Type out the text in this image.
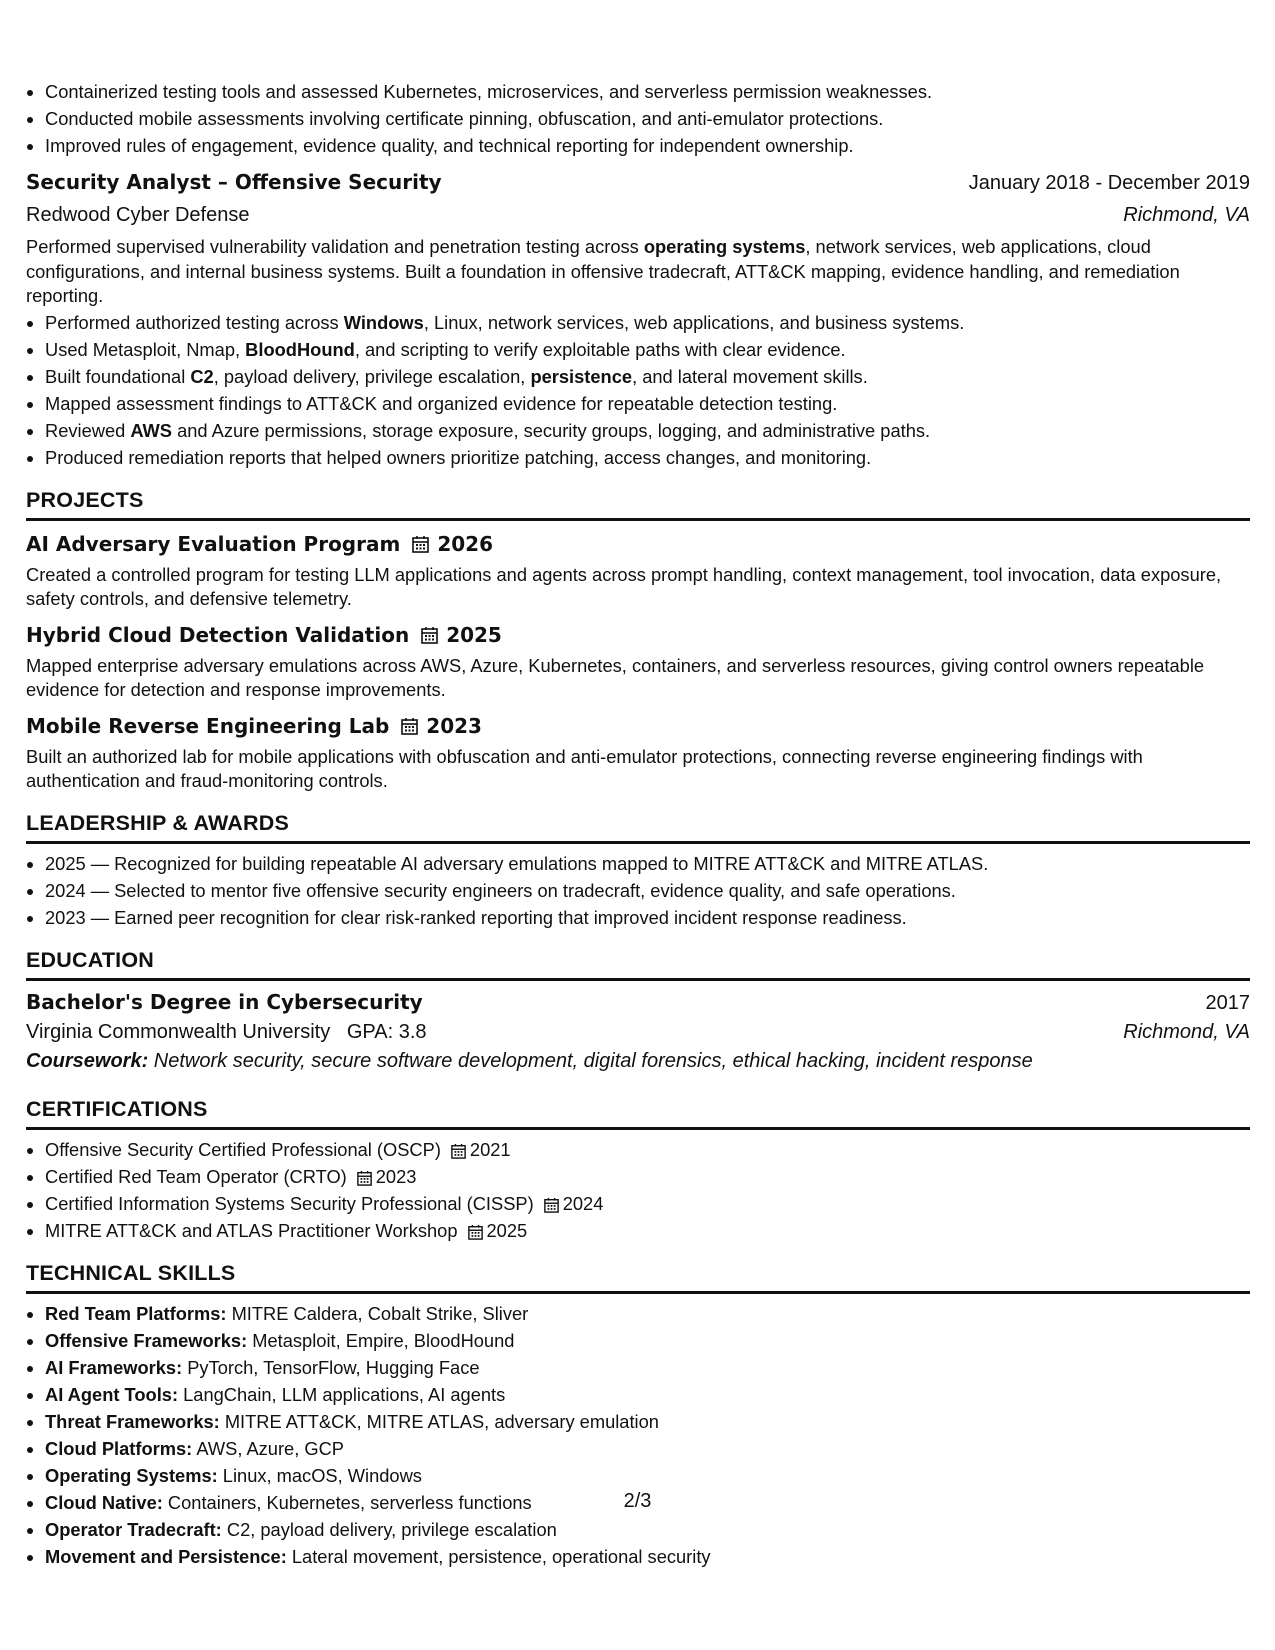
• Containerized testing tools and assessed Kubernetes, microservices, and serverless permission weaknesses.
• Conducted mobile assessments involving certificate pinning, obfuscation, and anti-emulator protections.
• Improved rules of engagement, evidence quality, and technical reporting for independent ownership.
Security Analyst – Offensive Security	January 2018 - December 2019
Redwood Cyber Defense	Richmond, VA

Performed supervised vulnerability validation and penetration testing across operating systems, network services, web applications, cloud configurations, and internal business systems. Built a foundation in offensive tradecraft, ATT&CK mapping, evidence handling, and remediation reporting.

• Performed authorized testing across Windows, Linux, network services, web applications, and business systems.
• Used Metasploit, Nmap, BloodHound, and scripting to verify exploitable paths with clear evidence.
• Built foundational C2, payload delivery, privilege escalation, persistence, and lateral movement skills.
• Mapped assessment findings to ATT&CK and organized evidence for repeatable detection testing.
• Reviewed AWS and Azure permissions, storage exposure, security groups, logging, and administrative paths.
• Produced remediation reports that helped owners prioritize patching, access changes, and monitoring.
PROJECTS
AI Adversary Evaluation Program 2026

Created a controlled program for testing LLM applications and agents across prompt handling, context management, tool invocation, data exposure, safety controls, and defensive telemetry.

Hybrid Cloud Detection Validation 2025

Mapped enterprise adversary emulations across AWS, Azure, Kubernetes, containers, and serverless resources, giving control owners repeatable evidence for detection and response improvements.

Mobile Reverse Engineering Lab 2023

Built an authorized lab for mobile applications with obfuscation and anti-emulator protections, connecting reverse engineering findings with authentication and fraud-monitoring controls.

LEADERSHIP & AWARDS
• 2025 — Recognized for building repeatable AI adversary emulations mapped to MITRE ATT&CK and MITRE ATLAS.
• 2024 — Selected to mentor five offensive security engineers on tradecraft, evidence quality, and safe operations.
• 2023 — Earned peer recognition for clear risk-ranked reporting that improved incident response readiness.
EDUCATION
Bachelor's Degree in Cybersecurity	2017
Virginia Commonwealth University GPA: 3.8	Richmond, VA
Coursework: Network security, secure software development, digital forensics, ethical hacking, incident response
CERTIFICATIONS
• Offensive Security Certified Professional (OSCP) 2021
• Certified Red Team Operator (CRTO) 2023
• Certified Information Systems Security Professional (CISSP) 2024
• MITRE ATT&CK and ATLAS Practitioner Workshop 2025
TECHNICAL SKILLS
• Red Team Platforms: MITRE Caldera, Cobalt Strike, Sliver
• Offensive Frameworks: Metasploit, Empire, BloodHound
• AI Frameworks: PyTorch, TensorFlow, Hugging Face
• AI Agent Tools: LangChain, LLM applications, AI agents
• Threat Frameworks: MITRE ATT&CK, MITRE ATLAS, adversary emulation
• Cloud Platforms: AWS, Azure, GCP
• Operating Systems: Linux, macOS, Windows
• Cloud Native: Containers, Kubernetes, serverless functions
• Operator Tradecraft: C2, payload delivery, privilege escalation
• Movement and Persistence: Lateral movement, persistence, operational security
2/3
